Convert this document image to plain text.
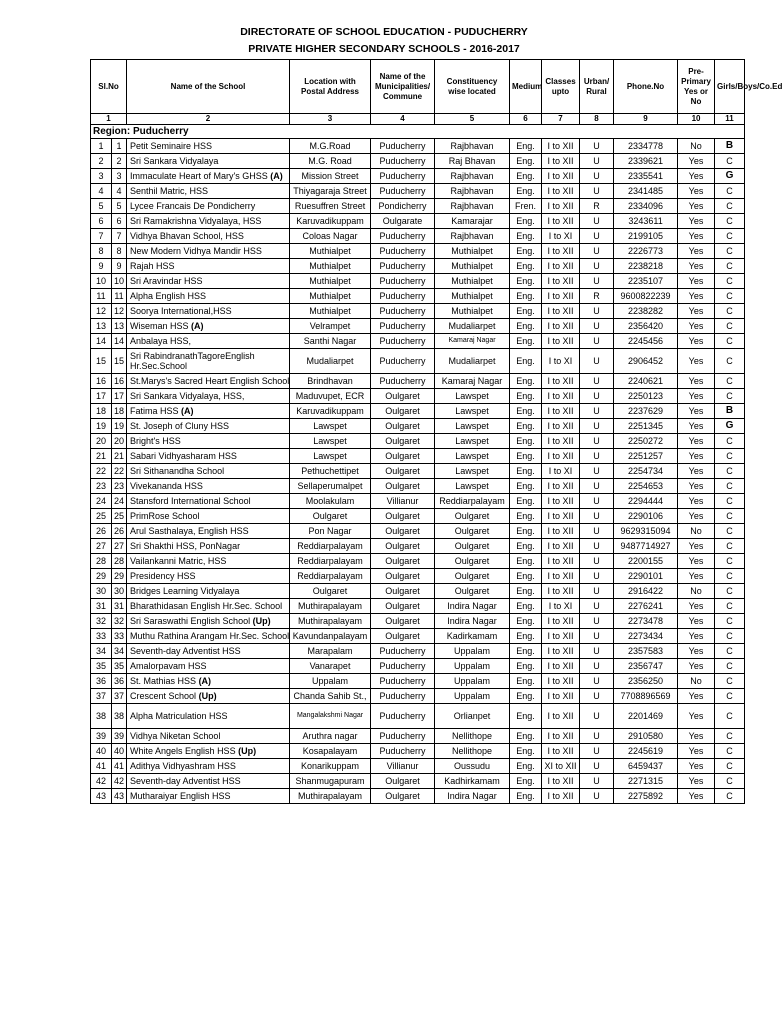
DIRECTORATE OF SCHOOL EDUCATION - PUDUCHERRY
PRIVATE HIGHER SECONDARY SCHOOLS - 2016-2017
Sl.No		Name of the School	Location with Postal Address	Name of the Municipalities/ Commune	Constituency wise located	Medium	Classes upto	Urban/ Rural	Phone.No	Pre-Primary Yes or No	Girls/Boys/Co.Ed
1		2	3	4	5	6	7	8	9	10	11
Region: Puducherry											
1	1	Petit Seminaire HSS	M.G.Road	Puducherry	Rajbhavan	Eng.	I to XII	U	2334778	No	B
2	2	Sri Sankara Vidyalaya	M.G. Road	Puducherry	Raj Bhavan	Eng.	I to XII	U	2339621	Yes	C
3	3	Immaculate Heart of Mary's GHSS (A)	Mission Street	Puducherry	Rajbhavan	Eng.	I to XII	U	2335541	Yes	G
4	4	Senthil Matric, HSS	Thiyagaraja Street	Puducherry	Rajbhavan	Eng.	I to XII	U	2341485	Yes	C
5	5	Lycee Francais De Pondicherry	Ruesuffren Street	Pondicherry	Rajbhavan	Fren.	I to XII	R	2334096	Yes	C
6	6	Sri Ramakrishna Vidyalaya, HSS	Karuvadikuppam	Oulgarate	Kamarajar	Eng.	I to XII	U	3243611	Yes	C
7	7	Vidhya Bhavan School, HSS	Coloas Nagar	Puducherry	Rajbhavan	Eng.	I to XI	U	2199105	Yes	C
8	8	New Modern Vidhya Mandir HSS	Muthialpet	Puducherry	Muthialpet	Eng.	I to XII	U	2226773	Yes	C
9	9	Rajah HSS	Muthialpet	Puducherry	Muthialpet	Eng.	I to XII	U	2238218	Yes	C
10	10	Sri Aravindar HSS	Muthialpet	Puducherry	Muthialpet	Eng.	I to XII	U	2235107	Yes	C
11	11	Alpha English HSS	Muthialpet	Puducherry	Muthialpet	Eng.	I to XII	R	9600822239	Yes	C
12	12	Soorya International,HSS	Muthialpet	Puducherry	Muthialpet	Eng.	I to XII	U	2238282	Yes	C
13	13	Wiseman HSS (A)	Velrampet	Puducherry	Mudaliarpet	Eng.	I to XII	U	2356420	Yes	C
14	14	Anbalaya HSS,	Santhi Nagar	Puducherry	Kamaraj Nagar	Eng.	I to XII	U	2245456	Yes	C
15	15	Sri RabindranathTagoreEnglish Hr.Sec.School	Mudaliarpet	Puducherry	Mudaliarpet	Eng.	I to XI	U	2906452	Yes	C
16	16	St.Marys's Sacred Heart English School	Brindhavan	Puducherry	Kamaraj Nagar	Eng.	I to XII	U	2240621	Yes	C
17	17	Sri Sankara Vidyalaya, HSS,	Maduvupet, ECR	Oulgaret	Lawspet	Eng.	I to XII	U	2250123	Yes	C
18	18	Fatima HSS (A)	Karuvadikuppam	Oulgaret	Lawspet	Eng.	I to XII	U	2237629	Yes	B
19	19	St. Joseph of Cluny HSS	Lawspet	Oulgaret	Lawspet	Eng.	I to XII	U	2251345	Yes	G
20	20	Bright's HSS	Lawspet	Oulgaret	Lawspet	Eng.	I to XII	U	2250272	Yes	C
21	21	Sabari Vidhyasharam HSS	Lawspet	Oulgaret	Lawspet	Eng.	I to XII	U	2251257	Yes	C
22	22	Sri Sithanandha School	Pethuchettipet	Oulgaret	Lawspet	Eng.	I to XI	U	2254734	Yes	C
23	23	Vivekananda HSS	Sellaperumalpet	Oulgaret	Lawspet	Eng.	I to XII	U	2254653	Yes	C
24	24	Stansford International School	Moolakulam	Villianur	Reddiarpalayam	Eng.	I to XII	U	2294444	Yes	C
25	25	PrimRose School	Oulgaret	Oulgaret	Oulgaret	Eng.	I to XII	U	2290106	Yes	C
26	26	Arul Sasthalaya, English HSS	Pon Nagar	Oulgaret	Oulgaret	Eng.	I to XII	U	9629315094	No	C
27	27	Sri Shakthi HSS, PonNagar	Reddiarpalayam	Oulgaret	Oulgaret	Eng.	I to XII	U	9487714927	Yes	C
28	28	Vailankanni Matric, HSS	Reddiarpalayam	Oulgaret	Oulgaret	Eng.	I to XII	U	2200155	Yes	C
29	29	Presidency HSS	Reddiarpalayam	Oulgaret	Oulgaret	Eng.	I to XII	U	2290101	Yes	C
30	30	Bridges Learning Vidyalaya	Oulgaret	Oulgaret	Oulgaret	Eng.	I to XII	U	2916422	No	C
31	31	Bharathidasan English Hr.Sec. School	Muthirapalayam	Oulgaret	Indira Nagar	Eng.	I to XI	U	2276241	Yes	C
32	32	Sri Saraswathi English School (Up)	Muthirapalayam	Oulgaret	Indira Nagar	Eng.	I to XII	U	2273478	Yes	C
33	33	Muthu Rathina Arangam Hr.Sec. School	Kavundanpalayam	Oulgaret	Kadirkamam	Eng.	I to XII	U	2273434	Yes	C
34	34	Seventh-day Adventist HSS	Marapalam	Puducherry	Uppalam	Eng.	I to XII	U	2357583	Yes	C
35	35	Amalorpavam HSS	Vanarapet	Puducherry	Uppalam	Eng.	I to XII	U	2356747	Yes	C
36	36	St. Mathias HSS (A)	Uppalam	Puducherry	Uppalam	Eng.	I to XII	U	2356250	No	C
37	37	Crescent School (Up)	Chanda Sahib St.,	Puducherry	Uppalam	Eng.	I to XII	U	7708896569	Yes	C
38	38	Alpha Matriculation HSS	Mangalakshmi Nagar	Puducherry	Orlianpet	Eng.	I to XII	U	2201469	Yes	C
39	39	Vidhya Niketan School	Aruthra nagar	Puducherry	Nellithope	Eng.	I to XII	U	2910580	Yes	C
40	40	White Angels English HSS (Up)	Kosapalayam	Puducherry	Nellithope	Eng.	I to XII	U	2245619	Yes	C
41	41	Adithya Vidhyashram HSS	Konarikuppam	Villianur	Oussudu	Eng.	XI to XII	U	6459437	Yes	C
42	42	Seventh-day Adventist HSS	Shanmugapuram	Oulgaret	Kadhirkamam	Eng.	I to XII	U	2271315	Yes	C
43	43	Mutharaiyar English HSS	Muthirapalayam	Oulgaret	Indira Nagar	Eng.	I to XII	U	2275892	Yes	C
